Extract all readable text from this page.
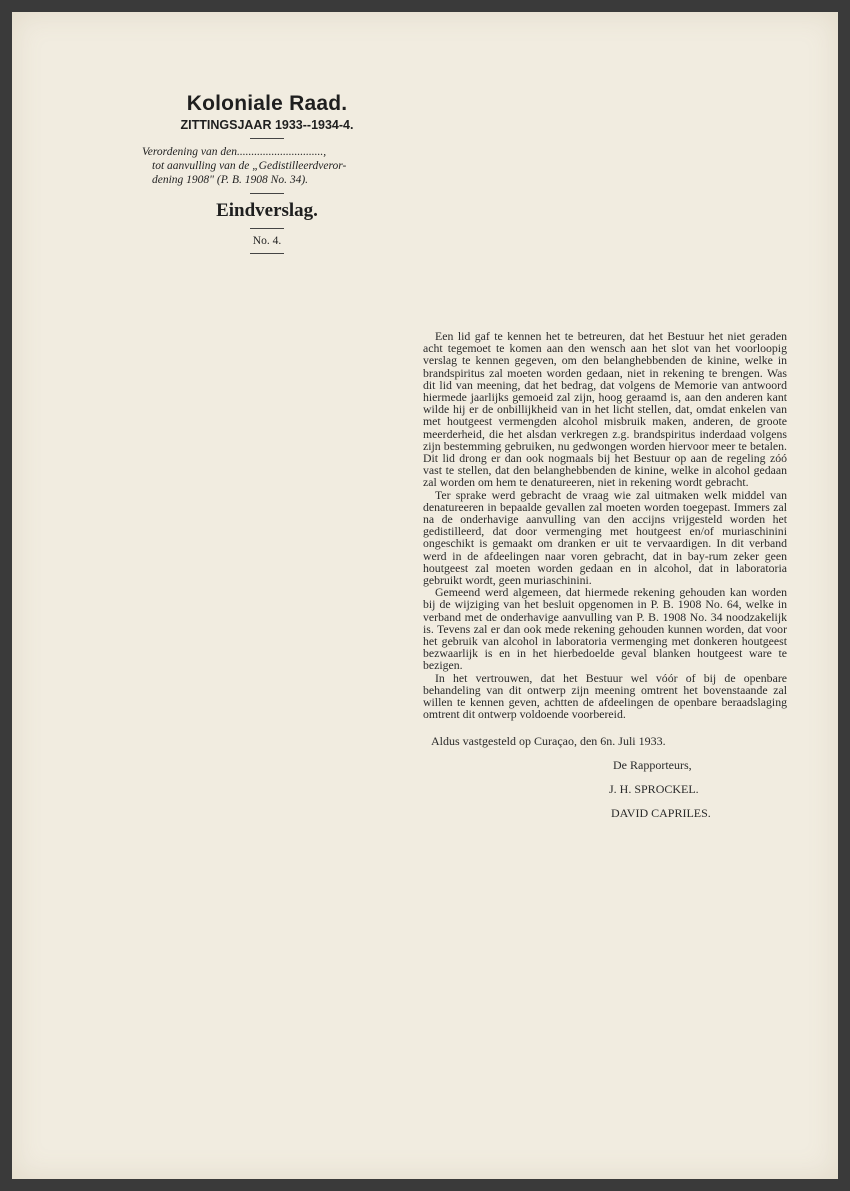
Koloniale Raad.
ZITTINGSJAAR 1933--1934-4.
Verordening van den..............................,
tot aanvulling van de „Gedistilleerdveror-
dening 1908" (P. B. 1908 No. 34).
Eindverslag.
No. 4.

Een lid gaf te kennen het te betreuren, dat het Bestuur het niet geraden acht tegemoet te komen aan den wensch aan het slot van het voorloopig verslag te kennen gegeven, om den belanghebbenden de kinine, welke in brandspiritus zal moeten worden gedaan, niet in rekening te brengen. Was dit lid van meening, dat het bedrag, dat volgens de Memorie van antwoord hiermede jaarlijks gemoeid zal zijn, hoog geraamd is, aan den anderen kant wilde hij er de onbillijkheid van in het licht stellen, dat, omdat enkelen van met houtgeest vermengden alcohol misbruik maken, anderen, de groote meerderheid, die het alsdan verkregen z.g. brandspiritus inderdaad volgens zijn bestemming gebruiken, nu gedwongen worden hiervoor meer te betalen. Dit lid drong er dan ook nogmaals bij het Bestuur op aan de regeling zóó vast te stellen, dat den belanghebbenden de kinine, welke in alcohol gedaan zal worden om hem te denatureeren, niet in rekening wordt gebracht.

Ter sprake werd gebracht de vraag wie zal uitmaken welk middel van denatureeren in bepaalde gevallen zal moeten worden toegepast. Immers zal na de onderhavige aanvulling van den accijns vrijgesteld worden het gedistilleerd, dat door vermenging met houtgeest en/of muriaschinini ongeschikt is gemaakt om dranken er uit te vervaardigen. In dit verband werd in de afdeelingen naar voren gebracht, dat in bay-rum zeker geen houtgeest zal moeten worden gedaan en in alcohol, dat in laboratoria gebruikt wordt, geen muriaschinini.

Gemeend werd algemeen, dat hiermede rekening gehouden kan worden bij de wijziging van het besluit opgenomen in P. B. 1908 No. 64, welke in verband met de onderhavige aanvulling van P. B. 1908 No. 34 noodzakelijk is. Tevens zal er dan ook mede rekening gehouden kunnen worden, dat voor het gebruik van alcohol in laboratoria vermenging met donkeren houtgeest bezwaarlijk is en in het hierbedoelde geval blanken houtgeest ware te bezigen.

In het vertrouwen, dat het Bestuur wel vóór of bij de openbare behandeling van dit ontwerp zijn meening omtrent het bovenstaande zal willen te kennen geven, achtten de afdeelingen de openbare beraadslaging omtrent dit ontwerp voldoende voorbereid.

Aldus vastgesteld op Curaçao, den 6n. Juli 1933.
De Rapporteurs,
J. H. SPROCKEL.
DAVID CAPRILES.
